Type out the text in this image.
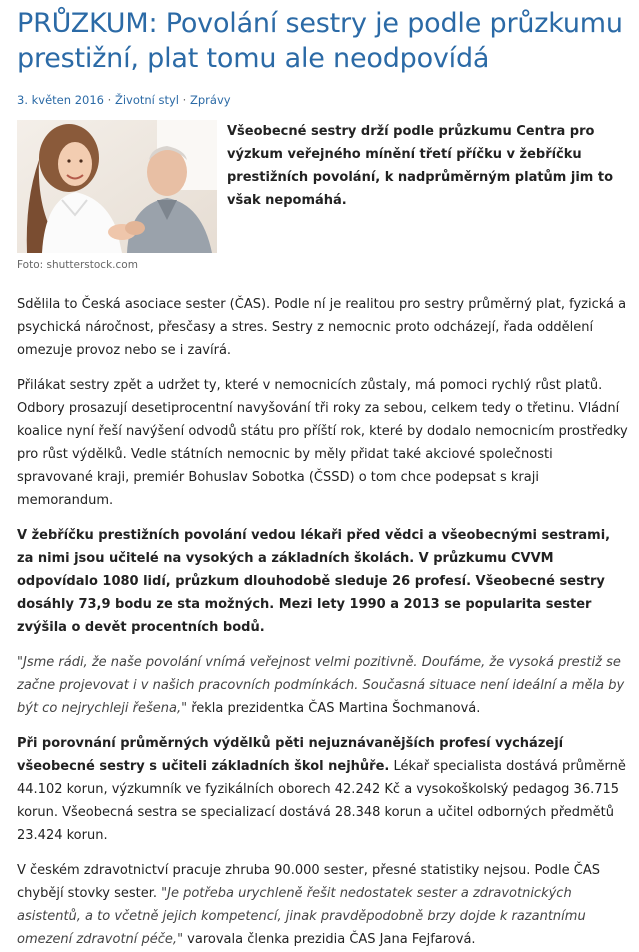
PRŮZKUM: Povolání sestry je podle průzkumu prestižní, plat tomu ale neodpovídá
3. květen 2016 · Životní styl · Zprávy
Foto: shutterstock.com

Všeobecné sestry drží podle průzkumu Centra pro výzkum veřejného mínění třetí příčku v žebříčku prestižních povolání, k nadprůměrným platům jim to však nepomáhá.

Sdělila to Česká asociace sester (ČAS). Podle ní je realitou pro sestry průměrný plat, fyzická a psychická náročnost, přesčasy a stres. Sestry z nemocnic proto odcházejí, řada oddělení omezuje provoz nebo se i zavírá.

Přilákat sestry zpět a udržet ty, které v nemocnicích zůstaly, má pomoci rychlý růst platů. Odbory prosazují desetiprocentní navyšování tři roky za sebou, celkem tedy o třetinu. Vládní koalice nyní řeší navýšení odvodů státu pro příští rok, které by dodalo nemocnicím prostředky pro růst výdělků. Vedle státních nemocnic by měly přidat také akciové společnosti spravované kraji, premiér Bohuslav Sobotka (ČSSD) o tom chce podepsat s kraji memorandum.

V žebříčku prestižních povolání vedou lékaři před vědci a všeobecnými sestrami, za nimi jsou učitelé na vysokých a základních školách. V průzkumu CVVM odpovídalo 1080 lidí, průzkum dlouhodobě sleduje 26 profesí. Všeobecné sestry dosáhly 73,9 bodu ze sta možných. Mezi lety 1990 a 2013 se popularita sester zvýšila o devět procentních bodů.

"Jsme rádi, že naše povolání vnímá veřejnost velmi pozitivně. Doufáme, že vysoká prestiž se začne projevovat i v našich pracovních podmínkách. Současná situace není ideální a měla by být co nejrychleji řešena," řekla prezidentka ČAS Martina Šochmanová.

Při porovnání průměrných výdělků pěti nejuznávanějších profesí vycházejí všeobecné sestry s učiteli základních škol nejhůře. Lékař specialista dostává průměrně 44.102 korun, výzkumník ve fyzikálních oborech 42.242 Kč a vysokoškolský pedagog 36.715 korun. Všeobecná sestra se specializací dostává 28.348 korun a učitel odborných předmětů 23.424 korun.

V českém zdravotnictví pracuje zhruba 90.000 sester, přesné statistiky nejsou. Podle ČAS chybějí stovky sester. "Je potřeba urychleně řešit nedostatek sester a zdravotnických asistentů, a to včetně jejich kompetencí, jinak pravděpodobně brzy dojde k razantnímu omezení zdravotní péče," varovala členka prezidia ČAS Jana Fejfarová.
